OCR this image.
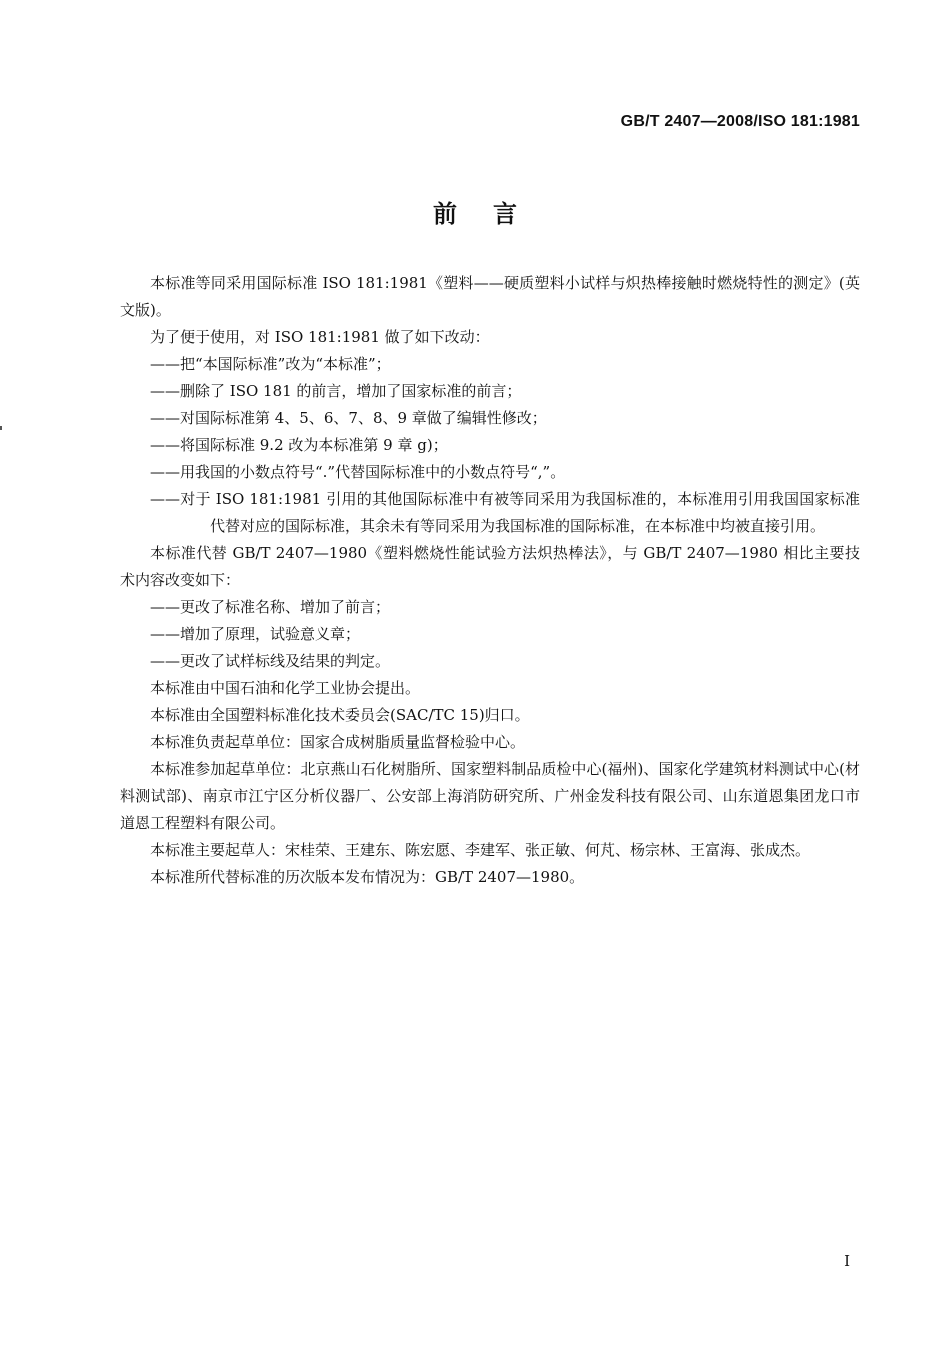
GB/T 2407—2008/ISO 181:1981
前言

本标准等同采用国际标准 ISO 181:1981《塑料——硬质塑料小试样与炽热棒接触时燃烧特性的测定》(英文版)。

为了便于使用，对 ISO 181:1981 做了如下改动：

——把“本国际标准”改为“本标准”；

——删除了 ISO 181 的前言，增加了国家标准的前言；

——对国际标准第 4、5、6、7、8、9 章做了编辑性修改；

——将国际标准 9.2 改为本标准第 9 章 g)；

——用我国的小数点符号“.”代替国际标准中的小数点符号“,”。

——对于 ISO 181:1981 引用的其他国际标准中有被等同采用为我国标准的，本标准用引用我国国家标准代替对应的国际标准，其余未有等同采用为我国标准的国际标准，在本标准中均被直接引用。

本标准代替 GB/T 2407—1980《塑料燃烧性能试验方法炽热棒法》，与 GB/T 2407—1980 相比主要技术内容改变如下：

——更改了标准名称、增加了前言；

——增加了原理，试验意义章；

——更改了试样标线及结果的判定。

本标准由中国石油和化学工业协会提出。

本标准由全国塑料标准化技术委员会(SAC/TC 15)归口。

本标准负责起草单位：国家合成树脂质量监督检验中心。

本标准参加起草单位：北京燕山石化树脂所、国家塑料制品质检中心(福州)、国家化学建筑材料测试中心(材料测试部)、南京市江宁区分析仪器厂、公安部上海消防研究所、广州金发科技有限公司、山东道恩集团龙口市道恩工程塑料有限公司。

本标准主要起草人：宋桂荣、王建东、陈宏愿、李建军、张正敏、何芃、杨宗林、王富海、张成杰。

本标准所代替标准的历次版本发布情况为：GB/T 2407—1980。

I
